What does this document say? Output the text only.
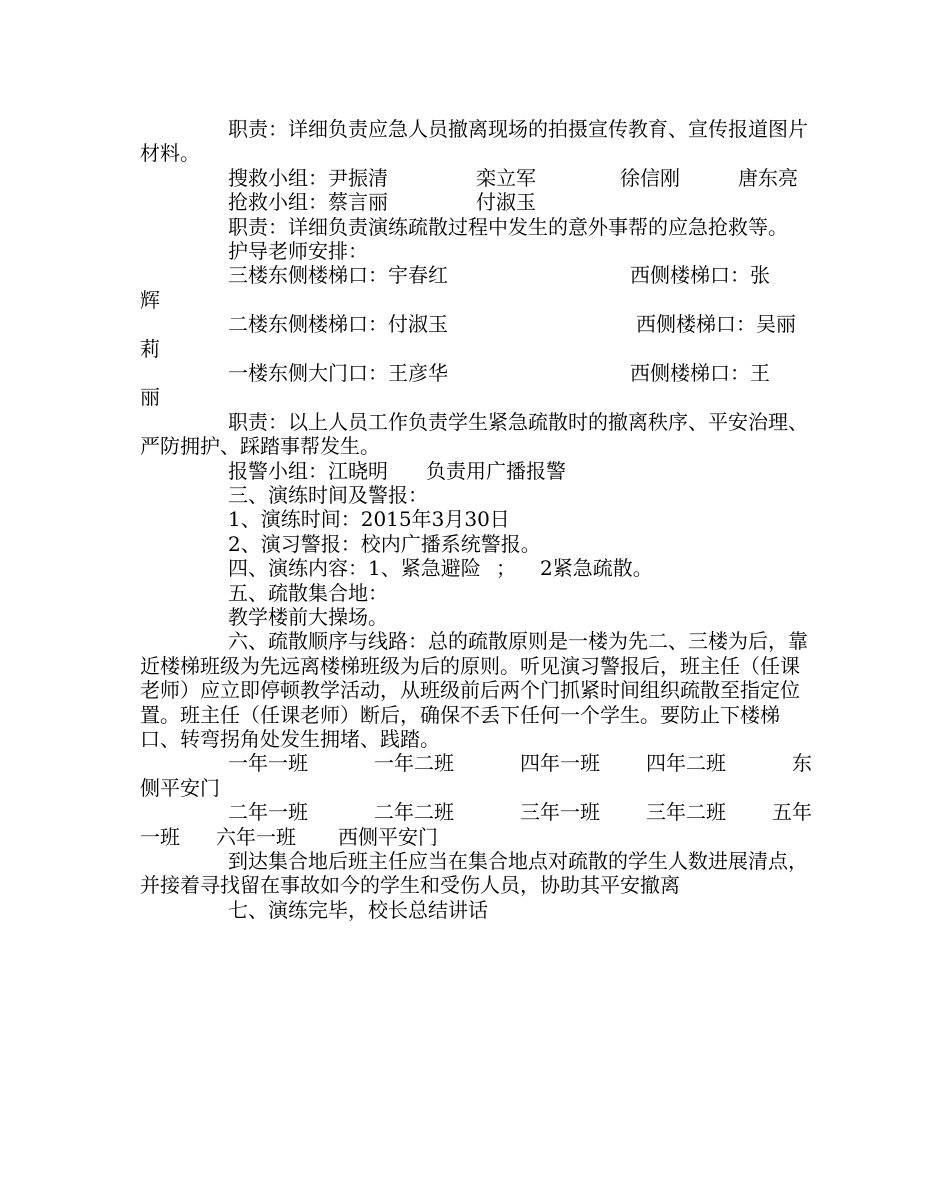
职责：详细负责应急人员撤离现场的拍摄宣传教育、宣传报道图片材料。

搜救小组：尹振清	栾立军	徐信刚	唐东亮
抢救小组：蔡言丽	付淑玉

职责：详细负责演练疏散过程中发生的意外事帮的应急抢救等。

护导老师安排：

三楼东侧楼梯口：宇春红	西侧楼梯口：张

辉

二楼东侧楼梯口：付淑玉	西侧楼梯口：吴丽

莉

一楼东侧大门口：王彦华	西侧楼梯口：王

丽

职责：以上人员工作负责学生紧急疏散时的撤离秩序、平安治理、严防拥护、踩踏事帮发生。

报警小组：江晓明 负责用广播报警

三、演练时间及警报：

1、演练时间：2015年3月30日

2、演习警报：校内广播系统警报。

四、演练内容：1、紧急避险 ； 2紧急疏散。

五、疏散集合地：

教学楼前大操场。

六、疏散顺序与线路：总的疏散原则是一楼为先二、三楼为后，靠近楼梯班级为先远离楼梯班级为后的原则。听见演习警报后，班主任（任课老师）应立即停顿教学活动，从班级前后两个门抓紧时间组织疏散至指定位置。班主任（任课老师）断后，确保不丢下任何一个学生。要防止下楼梯口、转弯拐角处发生拥堵、践踏。

一年一班	一年二班	四年一班 四年二班	东

侧平安门

二年一班	二年二班	三年一班 三年二班 五年
一班 六年一班 西侧平安门

到达集合地后班主任应当在集合地点对疏散的学生人数进展清点，并接着寻找留在事故如今的学生和受伤人员，协助其平安撤离

七、演练完毕，校长总结讲话
